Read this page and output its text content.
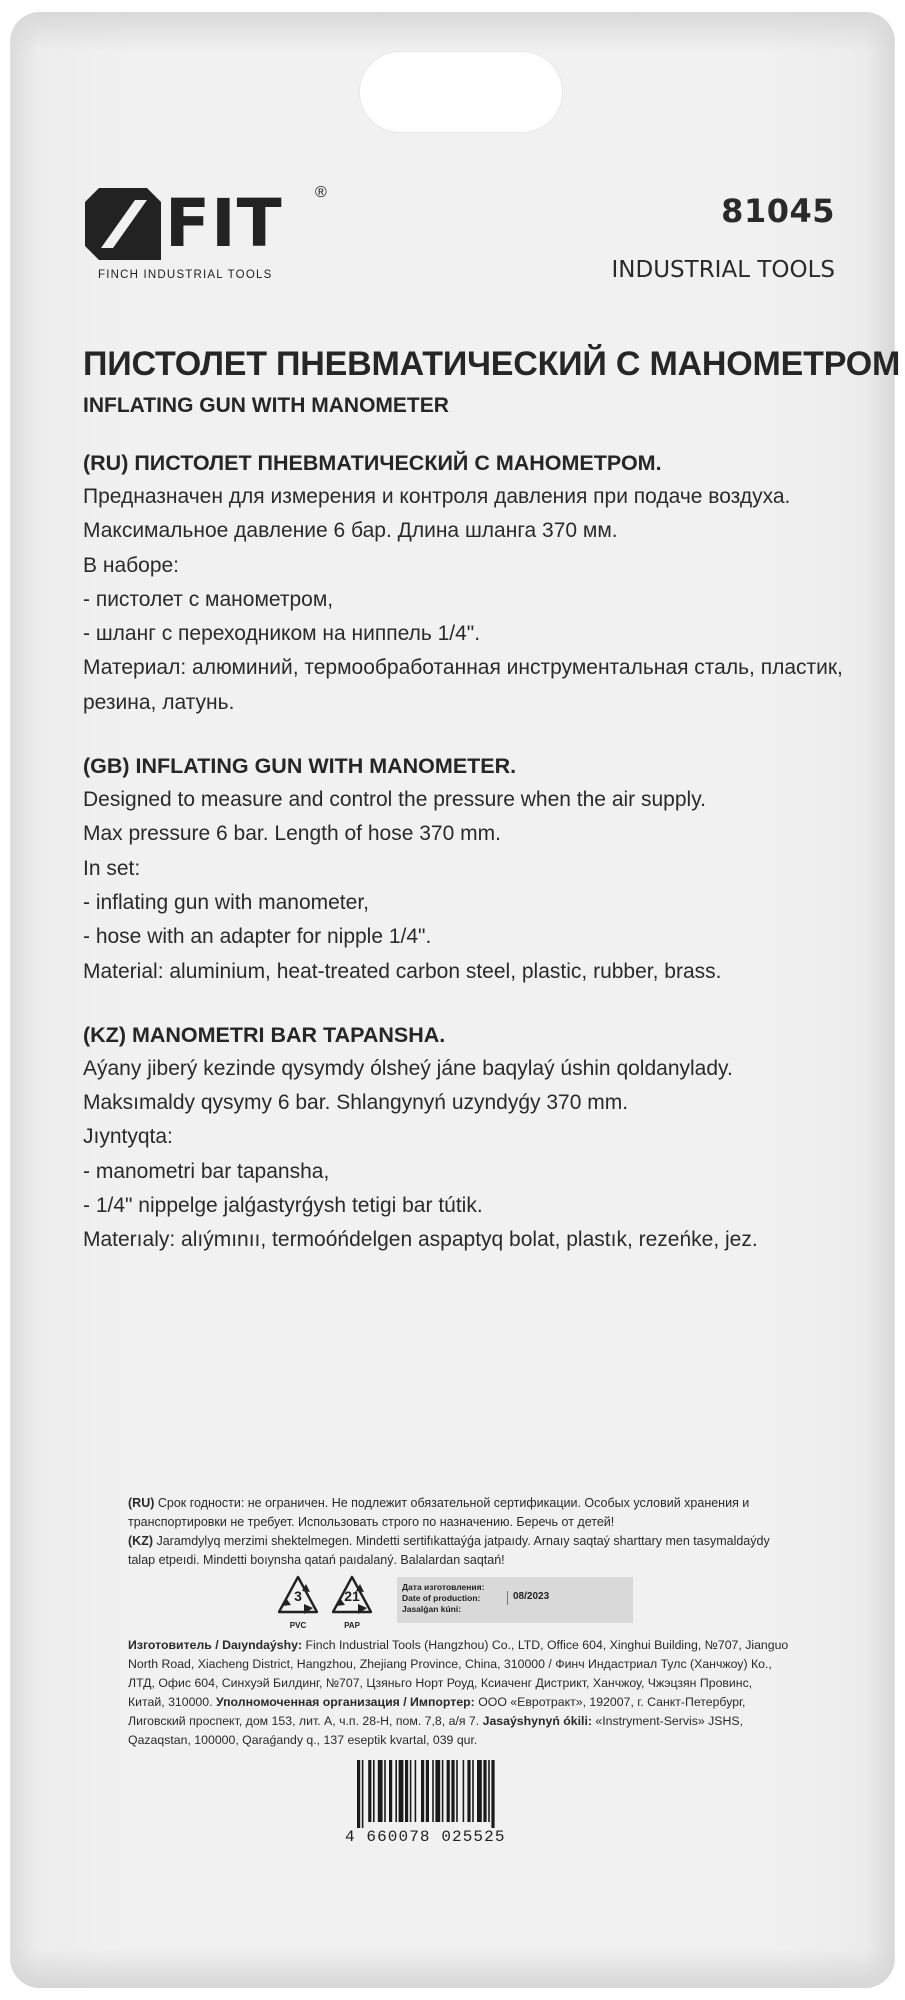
FIT ®
FINCH INDUSTRIAL TOOLS
81045
INDUSTRIAL TOOLS
ПИСТОЛЕТ ПНЕВМАТИЧЕСКИЙ С МАНОМЕТРОМ
INFLATING GUN WITH MANOMETER
(RU) ПИСТОЛЕТ ПНЕВМАТИЧЕСКИЙ С МАНОМЕТРОМ.
Предназначен для измерения и контроля давления при подаче воздуха.
Максимальное давление 6 бар. Длина шланга 370 мм.
В наборе:
- пистолет с манометром,
- шланг с переходником на ниппель 1/4".
Материал: алюминий, термообработанная инструментальная сталь, пластик,
резина, латунь.
(GB) INFLATING GUN WITH MANOMETER.
Designed to measure and control the pressure when the air supply.
Max pressure 6 bar. Length of hose 370 mm.
In set:
- inflating gun with manometer,
- hose with an adapter for nipple 1/4".
Material: aluminium, heat-treated carbon steel, plastic, rubber, brass.
(KZ) MANOMETRI BAR TAPANSHA.
Aýany jiberý kezinde qysymdy ólsheý jáne baqylaý úshin qoldanylady.
Maksımaldy qysymy 6 bar. Shlangynyń uzyndyǵy 370 mm.
Jıyntyqta:
- manometri bar tapansha,
- 1/4" nippelge jalǵastyrǵysh tetigi bar tútik.
Materıaly: alıýmınıı, termoóńdelgen aspaptyq bolat, plastık, rezeńke, jez.

(RU) Срок годности: не ограничен. Не подлежит обязательной сертификации. Особых условий хранения и транспортировки не требует. Использовать строго по назначению. Беречь от детей!

(KZ) Jaramdylyq merzimi shektelmegen. Mindetti sertifıkattaýǵa jatpaıdy. Arnaıy saqtaý sharttary men tasymaldaýdy talap etpeıdi. Mindetti boıynsha qatań paıdalaný. Balalardan saqtań!

3
PVC
21
PAP
Дата изготовления:
Date of production:
Jasalǵan kúni:
08/2023
Изготовитель / Daıyndaýshy: Finch Industrial Tools (Hangzhou) Co., LTD, Office 604, Xinghui Building, №707, Jianguo North Road, Xiacheng District, Hangzhou, Zhejiang Province, China, 310000 / Финч Индастриал Тулс (Ханчжоу) Ко., ЛТД, Офис 604, Синхуэй Билдинг, №707, Цзяньго Норт Роуд, Ксиаченг Дистрикт, Ханчжоу, Чжэцзян Провинс, Китай, 310000. Уполномоченная организация / Импортер: ООО «Евротракт», 192007, г. Санкт-Петербург, Лиговский проспект, дом 153, лит. А, ч.п. 28-Н, пом. 7,8, а/я 7. Jasaýshynyń ókili: «Instryment-Servis» JSHS, Qazaqstan, 100000, Qaraǵandy q., 137 eseptik kvartal, 039 qur.
4 660078 025525
